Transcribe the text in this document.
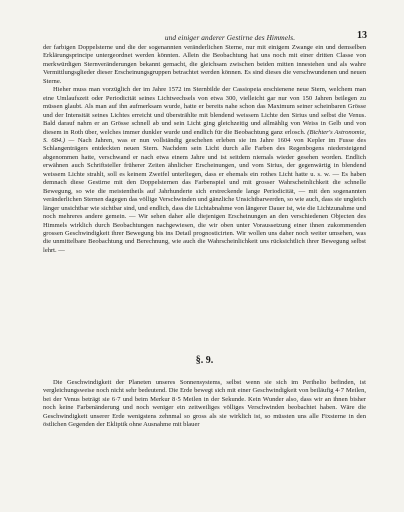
und einiger anderer Gestirne des Himmels.	13

der farbigen Doppelsterne und die der sogenannten veränderlichen Sterne, nur mit einigem Zwange ein und demselben Erklärungsprincipe untergeordnet werden könnten. Allein die Beobachtung hat uns noch mit einer dritten Classe von merkwürdigen Sternveränderungen bekannt gemacht, die gleichsam zwischen beiden mitten innestehen und als wahre Vermittlungsglieder dieser Erscheinungsgruppen betrachtet werden können. Es sind dieses die verschwundenen und neuen Sterne.

Hieher muss man vorzüglich der im Jahre 1572 im Sternbilde der Cassiopeia erschienene neue Stern, welchem man eine Umlaufszeit oder Periodicität seines Lichtwechsels von etwa 300, vielleicht gar nur von 150 Jahren beilegen zu müssen glaubt. Als man auf ihn aufmerksam wurde, hatte er bereits nahe schon das Maximum seiner scheinbaren Grösse und der Intensität seines Lichtes erreicht und überstrählte mit blendend weissem Lichte den Sirius und selbst die Venus. Bald darauf nahm er an Grösse schnell ab und sein Licht ging gleichzeitig und allmählig von Weiss in Gelb und von diesem in Roth über, welches immer dunkler wurde und endlich für die Beobachtung ganz erlosch. (Bichter's Astronomie, S. 684.) — Nach Jahren, was er nun vollständig geschehen erleben sie im Jahre 1604 von Kepler im Fusse des Schlangenträgers entdeckten neuen Stern. Nachdem sein Licht durch alle Farben des Regenbogens niedersteigend abgenommen hatte, verschwand er nach etwa einem Jahre und ist seitdem niemals wieder gesehen worden. Endlich erwähnen auch Schriftsteller früherer Zeiten ähnlicher Erscheinungen, und vom Sirius, der gegenwärtig in blendend weissem Lichte strahlt, soll es keinem Zweifel unterliegen, dass er ehemals ein rothes Licht hatte u. s. w. — Es haben demnach diese Gestirne mit den Doppelsternen das Farbenspiel und mit grosser Wahrscheinlichkeit die schnelle Bewegung, so wie die meistentheils auf Jahrhunderte sich erstreckende lange Periodicität, — mit den sogenannten veränderlichen Sternen dagegen das völlige Verschwinden und gänzliche Unsichtbarwerden, so wie auch, dass sie ungleich länger unsichtbar wie sichtbar sind, und endlich, dass die Lichtabnahme von längerer Dauer ist, wie die Lichtzunahme und noch mehreres andere gemein. — Wir sehen daher alle diejenigen Erscheinungen an den verschiedenen Objecten des Himmels wirklich durch Beobachtungen nachgewiesen, die wir oben unter Voraussetzung einer ihnen zukommenden grossen Geschwindigkeit ihrer Bewegung bis ins Detail prognosticirten. Wir wollen uns daher noch weiter umsehen, was die unmittelbare Beobachtung und Berechnung, wie auch die Wahrscheinlichkeit uns rücksichtlich ihrer Bewegung selbst lehrt. —

§. 9.

Die Geschwindigkeit der Planeten unseres Sonnensystems, selbst wenn sie sich im Perihelio befinden, ist vergleichungsweise noch nicht sehr bedeutend. Die Erde bewegt sich mit einer Geschwindigkeit von beiläufig 4·7 Meilen, bei der Venus beträgt sie 6·7 und beim Merkur 8·5 Meilen in der Sekunde. Kein Wunder also, dass wir an ihnen bisher noch keine Farbenänderung und noch weniger ein zeitweiliges völliges Verschwinden beobachtet haben. Wäre die Geschwindigkeit unserer Erde wenigstens zehnmal so gross als sie wirklich ist, so müssten uns alle Fixsterne in den östlichen Gegenden der Ekliptik ohne Ausnahme mit blauer
